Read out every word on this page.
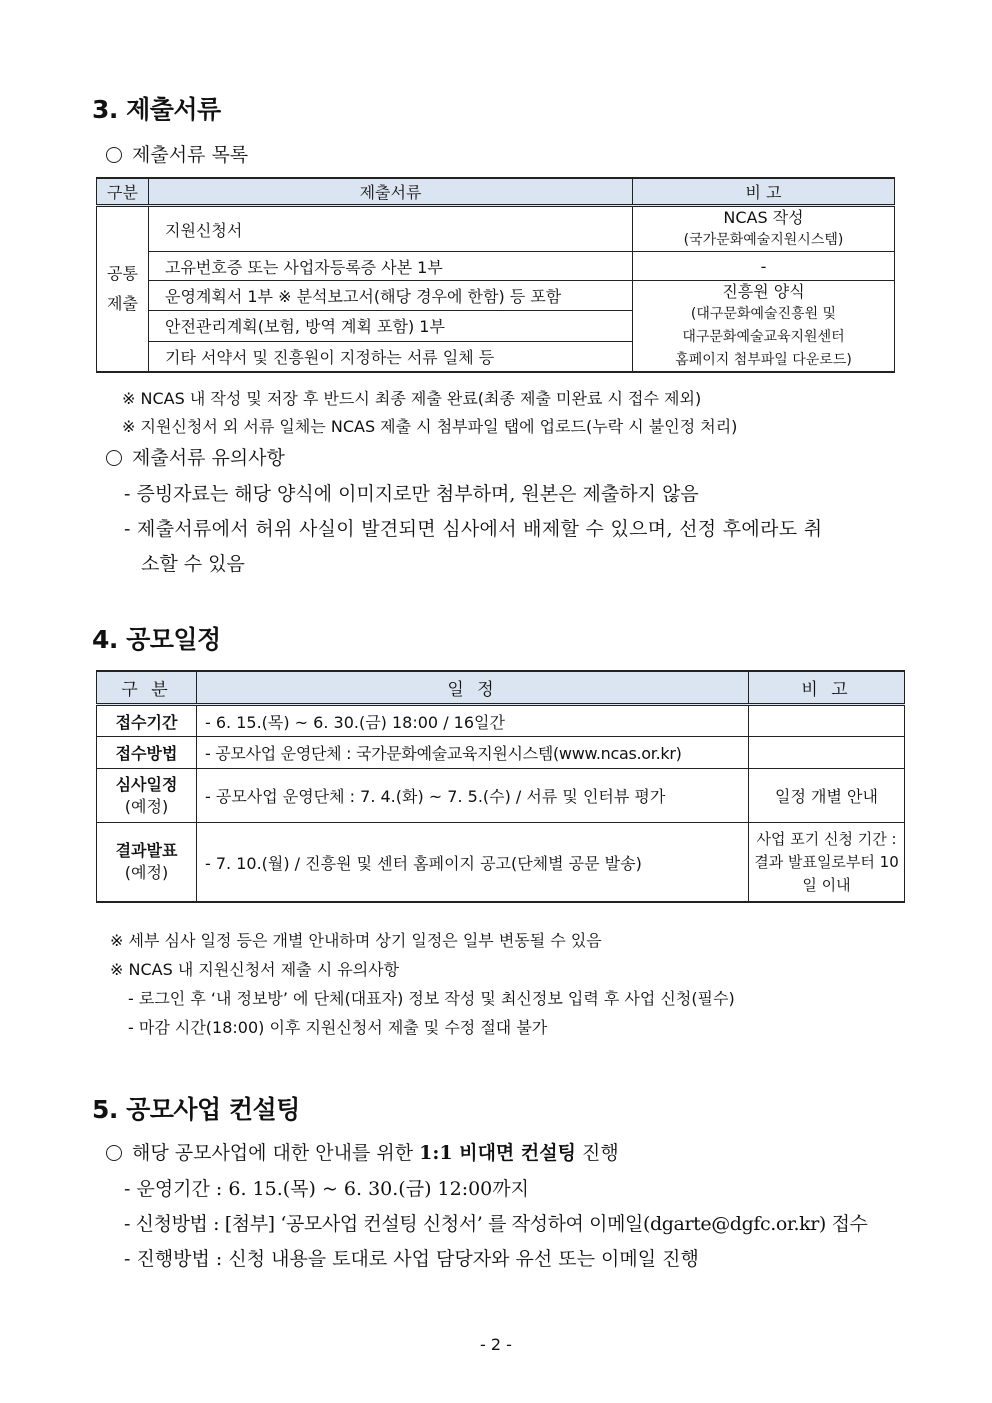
3. 제출서류

제출서류 목록

구분	제출서류	비 고
공통
제출	지원신청서	NCAS 작성
(국가문화예술지원시스템)
	고유번호증 또는 사업자등록증 사본 1부	-
	운영계획서 1부 ※ 분석보고서(해당 경우에 한함) 등 포함	진흥원 양식
(대구문화예술진흥원 및
대구문화예술교육지원센터
홈페이지 첨부파일 다운로드)
	안전관리계획(보험, 방역 계획 포함) 1부	
	기타 서약서 및 진흥원이 지정하는 서류 일체 등	

※ NCAS 내 작성 및 저장 후 반드시 최종 제출 완료(최종 제출 미완료 시 접수 제외)

※ 지원신청서 외 서류 일체는 NCAS 제출 시 첨부파일 탭에 업로드(누락 시 불인정 처리)

제출서류 유의사항

- 증빙자료는 해당 양식에 이미지로만 첨부하며, 원본은 제출하지 않음

- 제출서류에서 허위 사실이 발견되면 심사에서 배제할 수 있으며, 선정 후에라도 취

소할 수 있음

4. 공모일정
구 분	일 정	비 고
접수기간	- 6. 15.(목) ~ 6. 30.(금) 18:00 / 16일간	
접수방법	- 공모사업 운영단체 : 국가문화예술교육지원시스템(www.ncas.or.kr)	
심사일정
(예정)	- 공모사업 운영단체 : 7. 4.(화) ~ 7. 5.(수) / 서류 및 인터뷰 평가	일정 개별 안내
결과발표
(예정)	- 7. 10.(월) / 진흥원 및 센터 홈페이지 공고(단체별 공문 발송)	사업 포기 신청 기간 : 결과 발표일로부터 10일 이내

※ 세부 심사 일정 등은 개별 안내하며 상기 일정은 일부 변동될 수 있음

※ NCAS 내 지원신청서 제출 시 유의사항

- 로그인 후 ‘내 정보방’ 에 단체(대표자) 정보 작성 및 최신정보 입력 후 사업 신청(필수)

- 마감 시간(18:00) 이후 지원신청서 제출 및 수정 절대 불가

5. 공모사업 컨설팅

해당 공모사업에 대한 안내를 위한 1:1 비대면 컨설팅 진행

- 운영기간 : 6. 15.(목) ~ 6. 30.(금) 12:00까지

- 신청방법 : [첨부] ‘공모사업 컨설팅 신청서’ 를 작성하여 이메일(dgarte@dgfc.or.kr) 접수

- 진행방법 : 신청 내용을 토대로 사업 담당자와 유선 또는 이메일 진행

- 2 -
